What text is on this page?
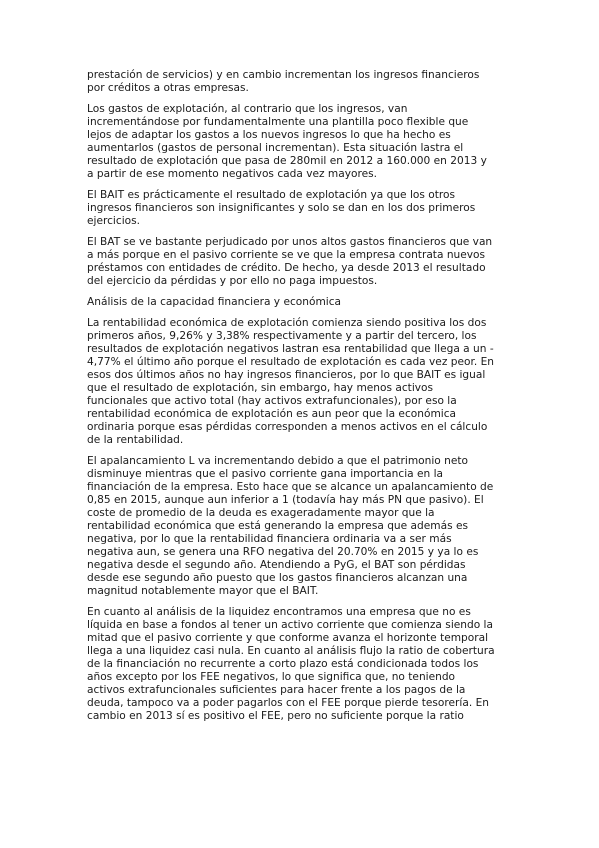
prestación de servicios) y en cambio incrementan los ingresos financieros
por créditos a otras empresas.

Los gastos de explotación, al contrario que los ingresos, van
incrementándose por fundamentalmente una plantilla poco flexible que
lejos de adaptar los gastos a los nuevos ingresos lo que ha hecho es
aumentarlos (gastos de personal incrementan). Esta situación lastra el
resultado de explotación que pasa de 280mil en 2012 a 160.000 en 2013 y
a partir de ese momento negativos cada vez mayores.

El BAIT es prácticamente el resultado de explotación ya que los otros
ingresos financieros son insignificantes y solo se dan en los dos primeros
ejercicios.

El BAT se ve bastante perjudicado por unos altos gastos financieros que van
a más porque en el pasivo corriente se ve que la empresa contrata nuevos
préstamos con entidades de crédito. De hecho, ya desde 2013 el resultado
del ejercicio da pérdidas y por ello no paga impuestos.

Análisis de la capacidad financiera y económica

La rentabilidad económica de explotación comienza siendo positiva los dos
primeros años, 9,26% y 3,38% respectivamente y a partir del tercero, los
resultados de explotación negativos lastran esa rentabilidad que llega a un -
4,77% el último año porque el resultado de explotación es cada vez peor. En
esos dos últimos años no hay ingresos financieros, por lo que BAIT es igual
que el resultado de explotación, sin embargo, hay menos activos
funcionales que activo total (hay activos extrafuncionales), por eso la
rentabilidad económica de explotación es aun peor que la económica
ordinaria porque esas pérdidas corresponden a menos activos en el cálculo
de la rentabilidad.

El apalancamiento L va incrementando debido a que el patrimonio neto
disminuye mientras que el pasivo corriente gana importancia en la
financiación de la empresa. Esto hace que se alcance un apalancamiento de
0,85 en 2015, aunque aun inferior a 1 (todavía hay más PN que pasivo). El
coste de promedio de la deuda es exageradamente mayor que la
rentabilidad económica que está generando la empresa que además es
negativa, por lo que la rentabilidad financiera ordinaria va a ser más
negativa aun, se genera una RFO negativa del 20.70% en 2015 y ya lo es
negativa desde el segundo año. Atendiendo a PyG, el BAT son pérdidas
desde ese segundo año puesto que los gastos financieros alcanzan una
magnitud notablemente mayor que el BAIT.

En cuanto al análisis de la liquidez encontramos una empresa que no es
líquida en base a fondos al tener un activo corriente que comienza siendo la
mitad que el pasivo corriente y que conforme avanza el horizonte temporal
llega a una liquidez casi nula. En cuanto al análisis flujo la ratio de cobertura
de la financiación no recurrente a corto plazo está condicionada todos los
años excepto por los FEE negativos, lo que significa que, no teniendo
activos extrafuncionales suficientes para hacer frente a los pagos de la
deuda, tampoco va a poder pagarlos con el FEE porque pierde tesorería. En
cambio en 2013 sí es positivo el FEE, pero no suficiente porque la ratio
